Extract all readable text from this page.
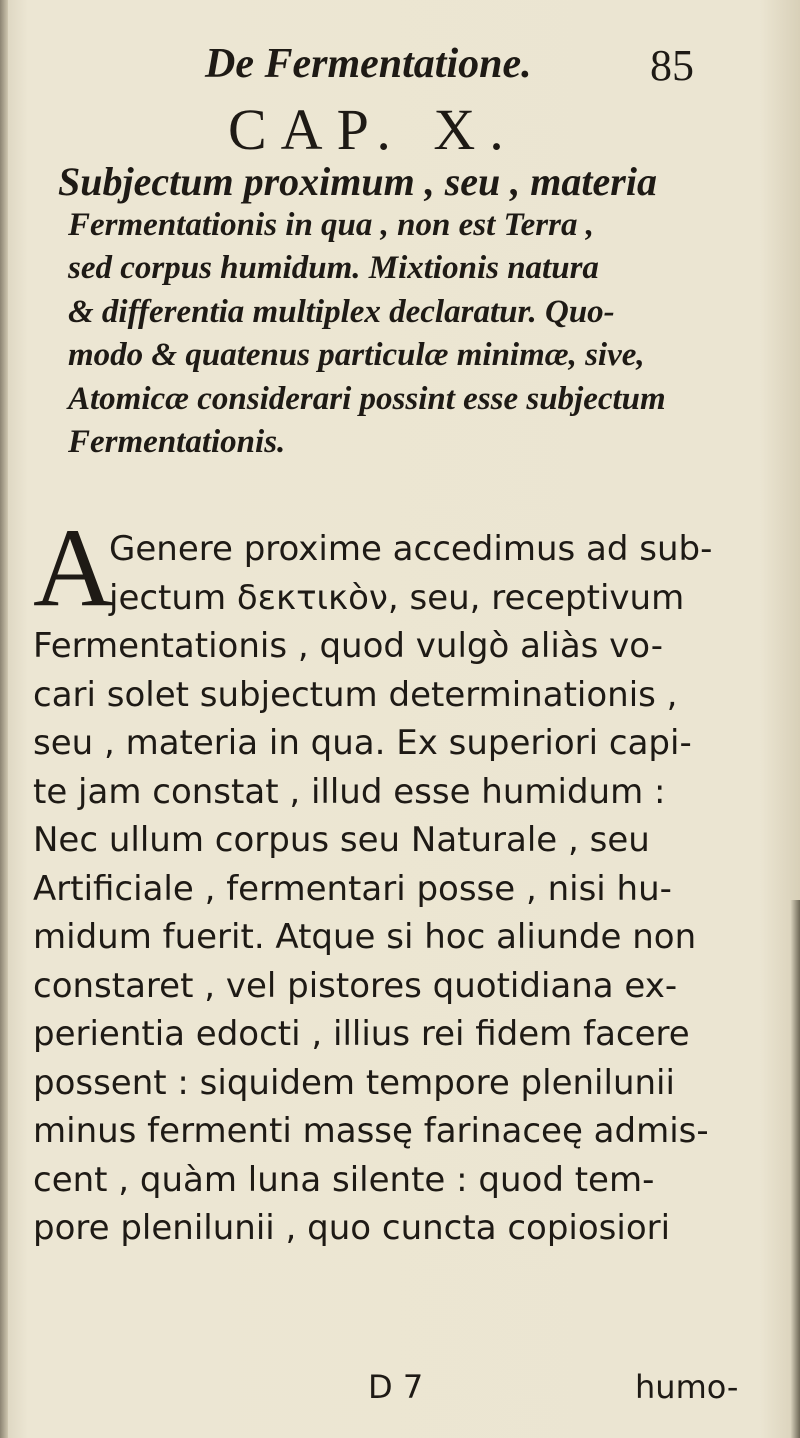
De Fermentatione.	85
CAP. X.
Subjectum proximum , seu , materia
Fermentationis in qua , non est Terra ,
sed corpus humidum. Mixtionis natura
& differentia multiplex declaratur. Quo-
modo & quatenus particulæ minimæ, sive,
Atomicæ considerari possint esse subjectum
Fermentationis.
A
Genere proxime accedimus ad sub-
jectum δεκτικὸν, seu, receptivum
Fermentationis , quod vulgò aliàs vo-
cari solet subjectum determinationis ,
seu , materia in qua. Ex superiori capi-
te jam constat , illud esse humidum :
Nec ullum corpus seu Naturale , seu
Artificiale , fermentari posse , nisi hu-
midum fuerit. Atque si hoc aliunde non
constaret , vel pistores quotidiana ex-
perientia edocti , illius rei fidem facere
possent : siquidem tempore plenilunii
minus fermenti massę farinaceę admis-
cent , quàm luna silente : quod tem-
pore plenilunii , quo cuncta copiosiori
D 7	humo-
